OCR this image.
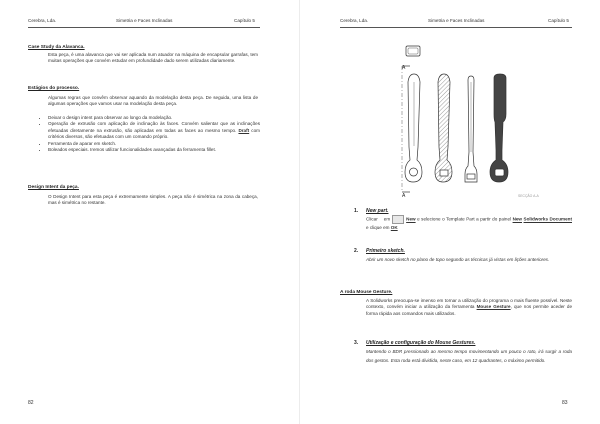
Cerebra, Lda.	Simetria e Faces Inclinadas	Capítulo 5
Case Study da Alavanca.
Esta peça, é uma alavanca que vai ser aplicada num atuador na máquina de encapsular garrafas, tem muitas operações que convém estudar em profundidade dado serem utilizadas diariamente.
Estágios do processo.
Algumas regras que convêm observar aquando da modelação desta peça. De seguida, uma lista de algumas operações que vamos usar na modelação desta peça.
• Deixar o design intent para observar ao longo da modelação.
• Operação de extrusão com aplicação de inclinação às faces. Convém salientar que as inclinações efetuadas diretamente na extrusão, são aplicadas em todas as faces ao mesmo tempo. Draft com critérios diversos, são efetuadas com um comando próprio.
• Ferramenta de aparar em sketch.
• Boleados especiais. Iremos utilizar funcionalidades avançadas da ferramenta fillet.
Design Intent da peça.
O Design Intent para esta peça é extremamente simples. A peça não é simétrica na zona da cabeça, mas é simétrica no restante.
82
Cerebra, Lda.	Simetria e Faces Inclinadas	Capítulo 5
A
A	SECÇÃO A-A
1. New part.
Clicar em	New e selecione o Template Part a partir do painel New Solidworks Document e clique em OK
2. Primeiro sketch.
Abrir um novo sketch no plano de topo segundo as técnicas já vistas em lições anteriores.
A roda Mouse Gesture.
A Solidworks preocupa-se imenso em tornar a utilização do programa o mais fluente possível. Neste contexto, convém iniciar a utilização da ferramenta Mouse Gesture, que nos permite aceder de forma rápida aos comandos mais utilizados.
3. Utilização e configuração do Mouse Gestures.
Mantendo o BDR pressionado ao mesmo tempo movimentando um pouco o rato, irá surgir a roda dos gestos. Esta roda está dividida, neste caso, em 12 quadrantes, o máximo permitido.
83
